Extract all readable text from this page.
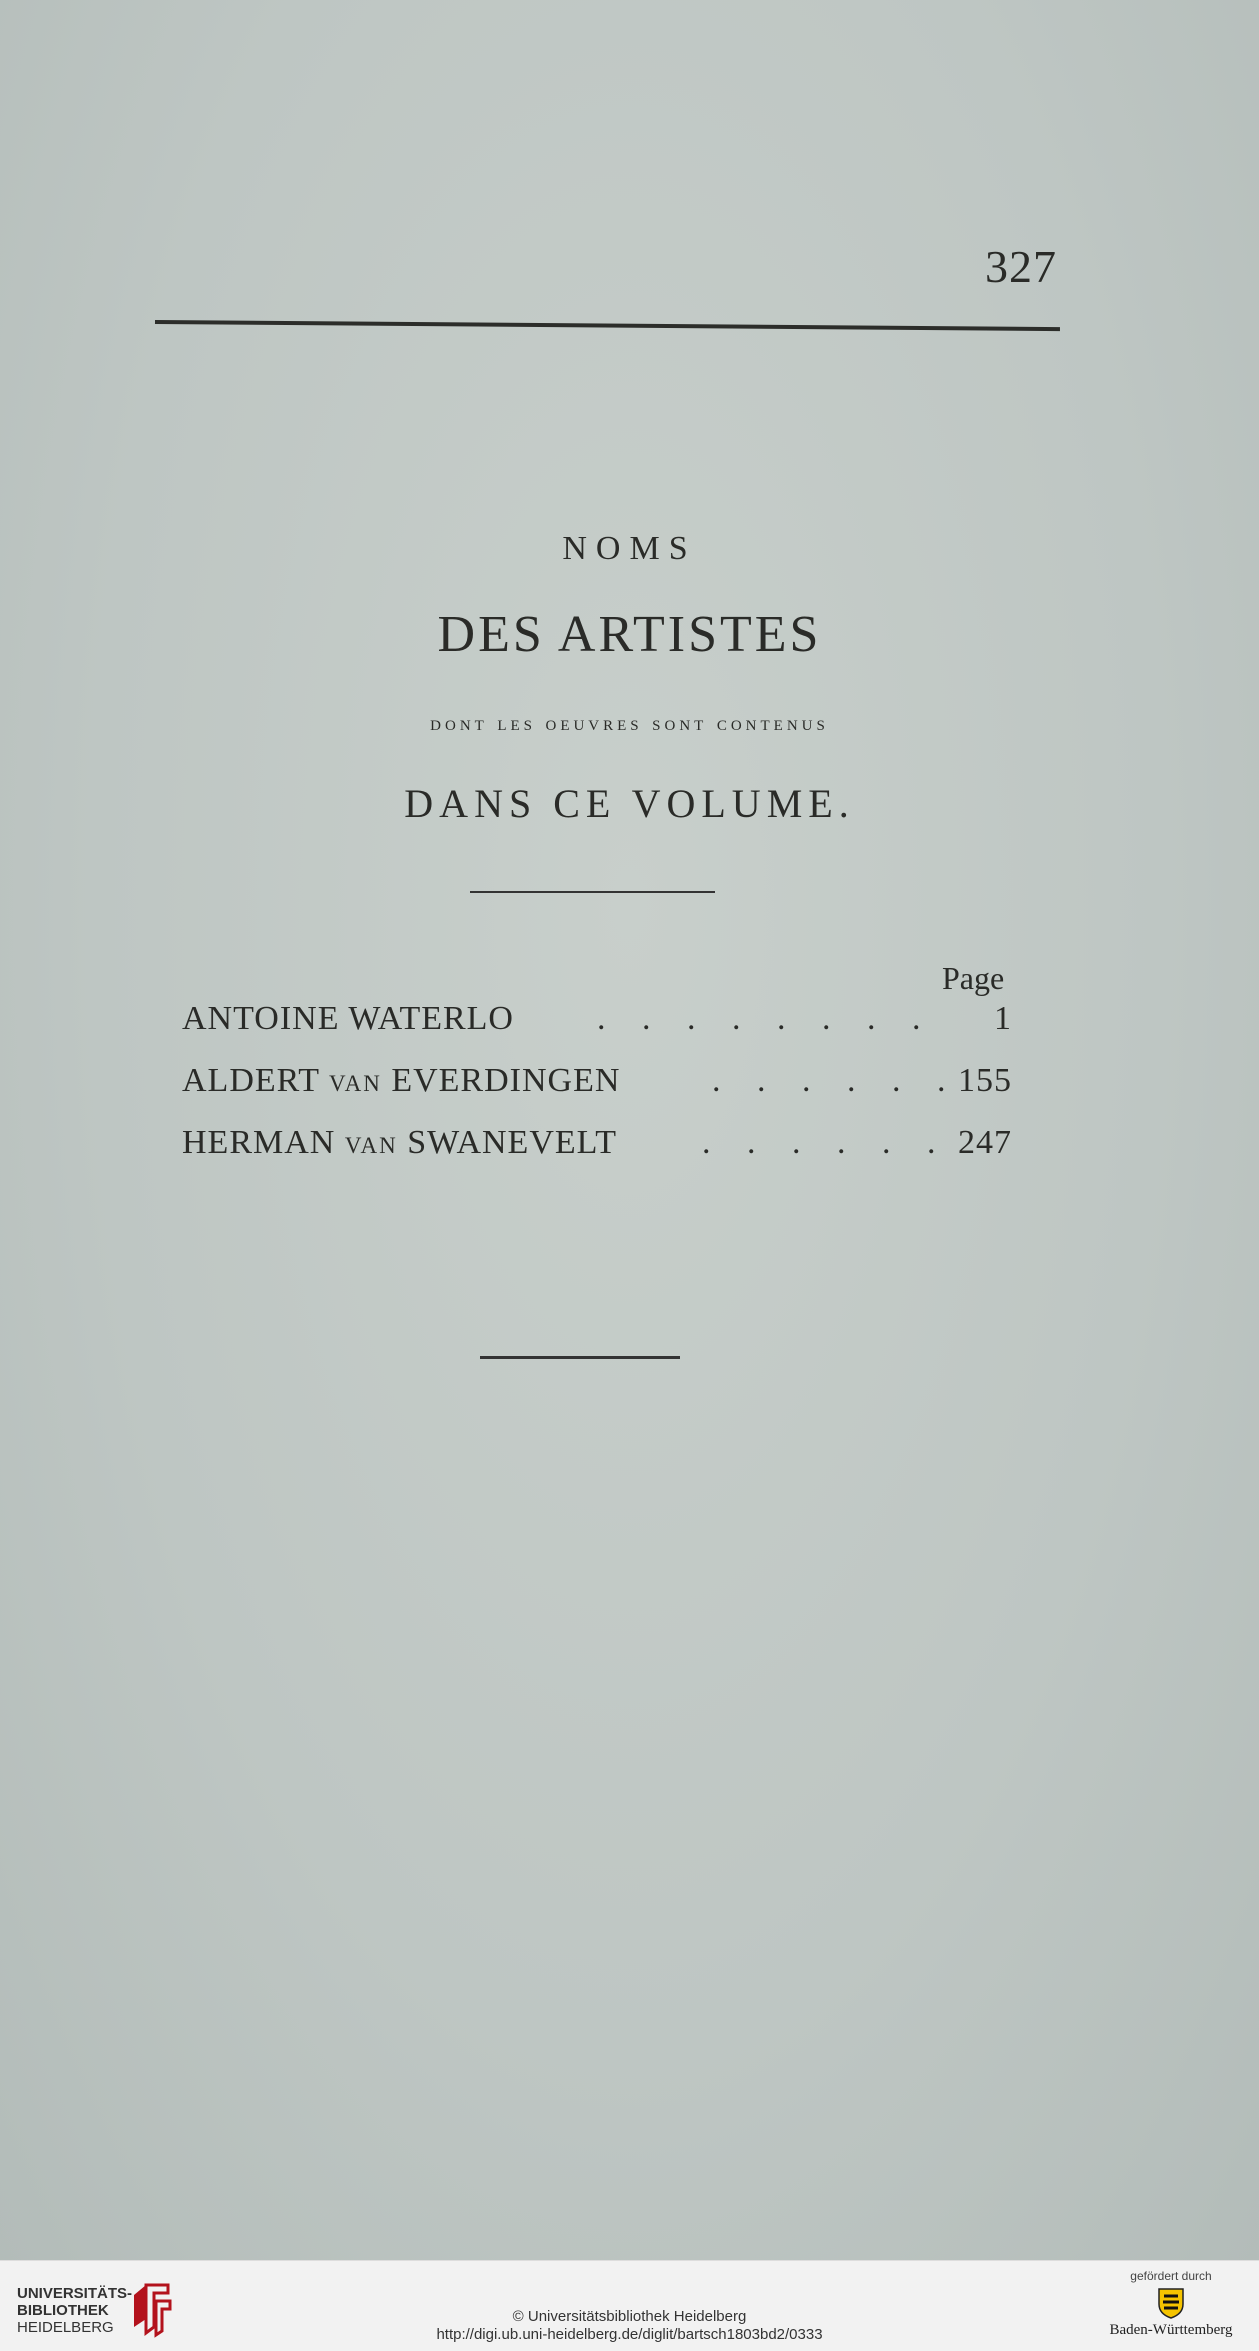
327
NOMS
DES ARTISTES
dont les oeuvres sont contenus
DANS CE VOLUME.
Page
ANTOINE WATERLO . . . . . . . . 1
ALDERT VAN EVERDINGEN	. . . . . .
155
HERMAN VAN SWANEVELT . . . . . . 247
UNIVERSITÄTS-
BIBLIOTHEK
HEIDELBERG
© Universitätsbibliothek Heidelberg
http://digi.ub.uni-heidelberg.de/diglit/bartsch1803bd2/0333
gefördert durch
Baden-Württemberg
